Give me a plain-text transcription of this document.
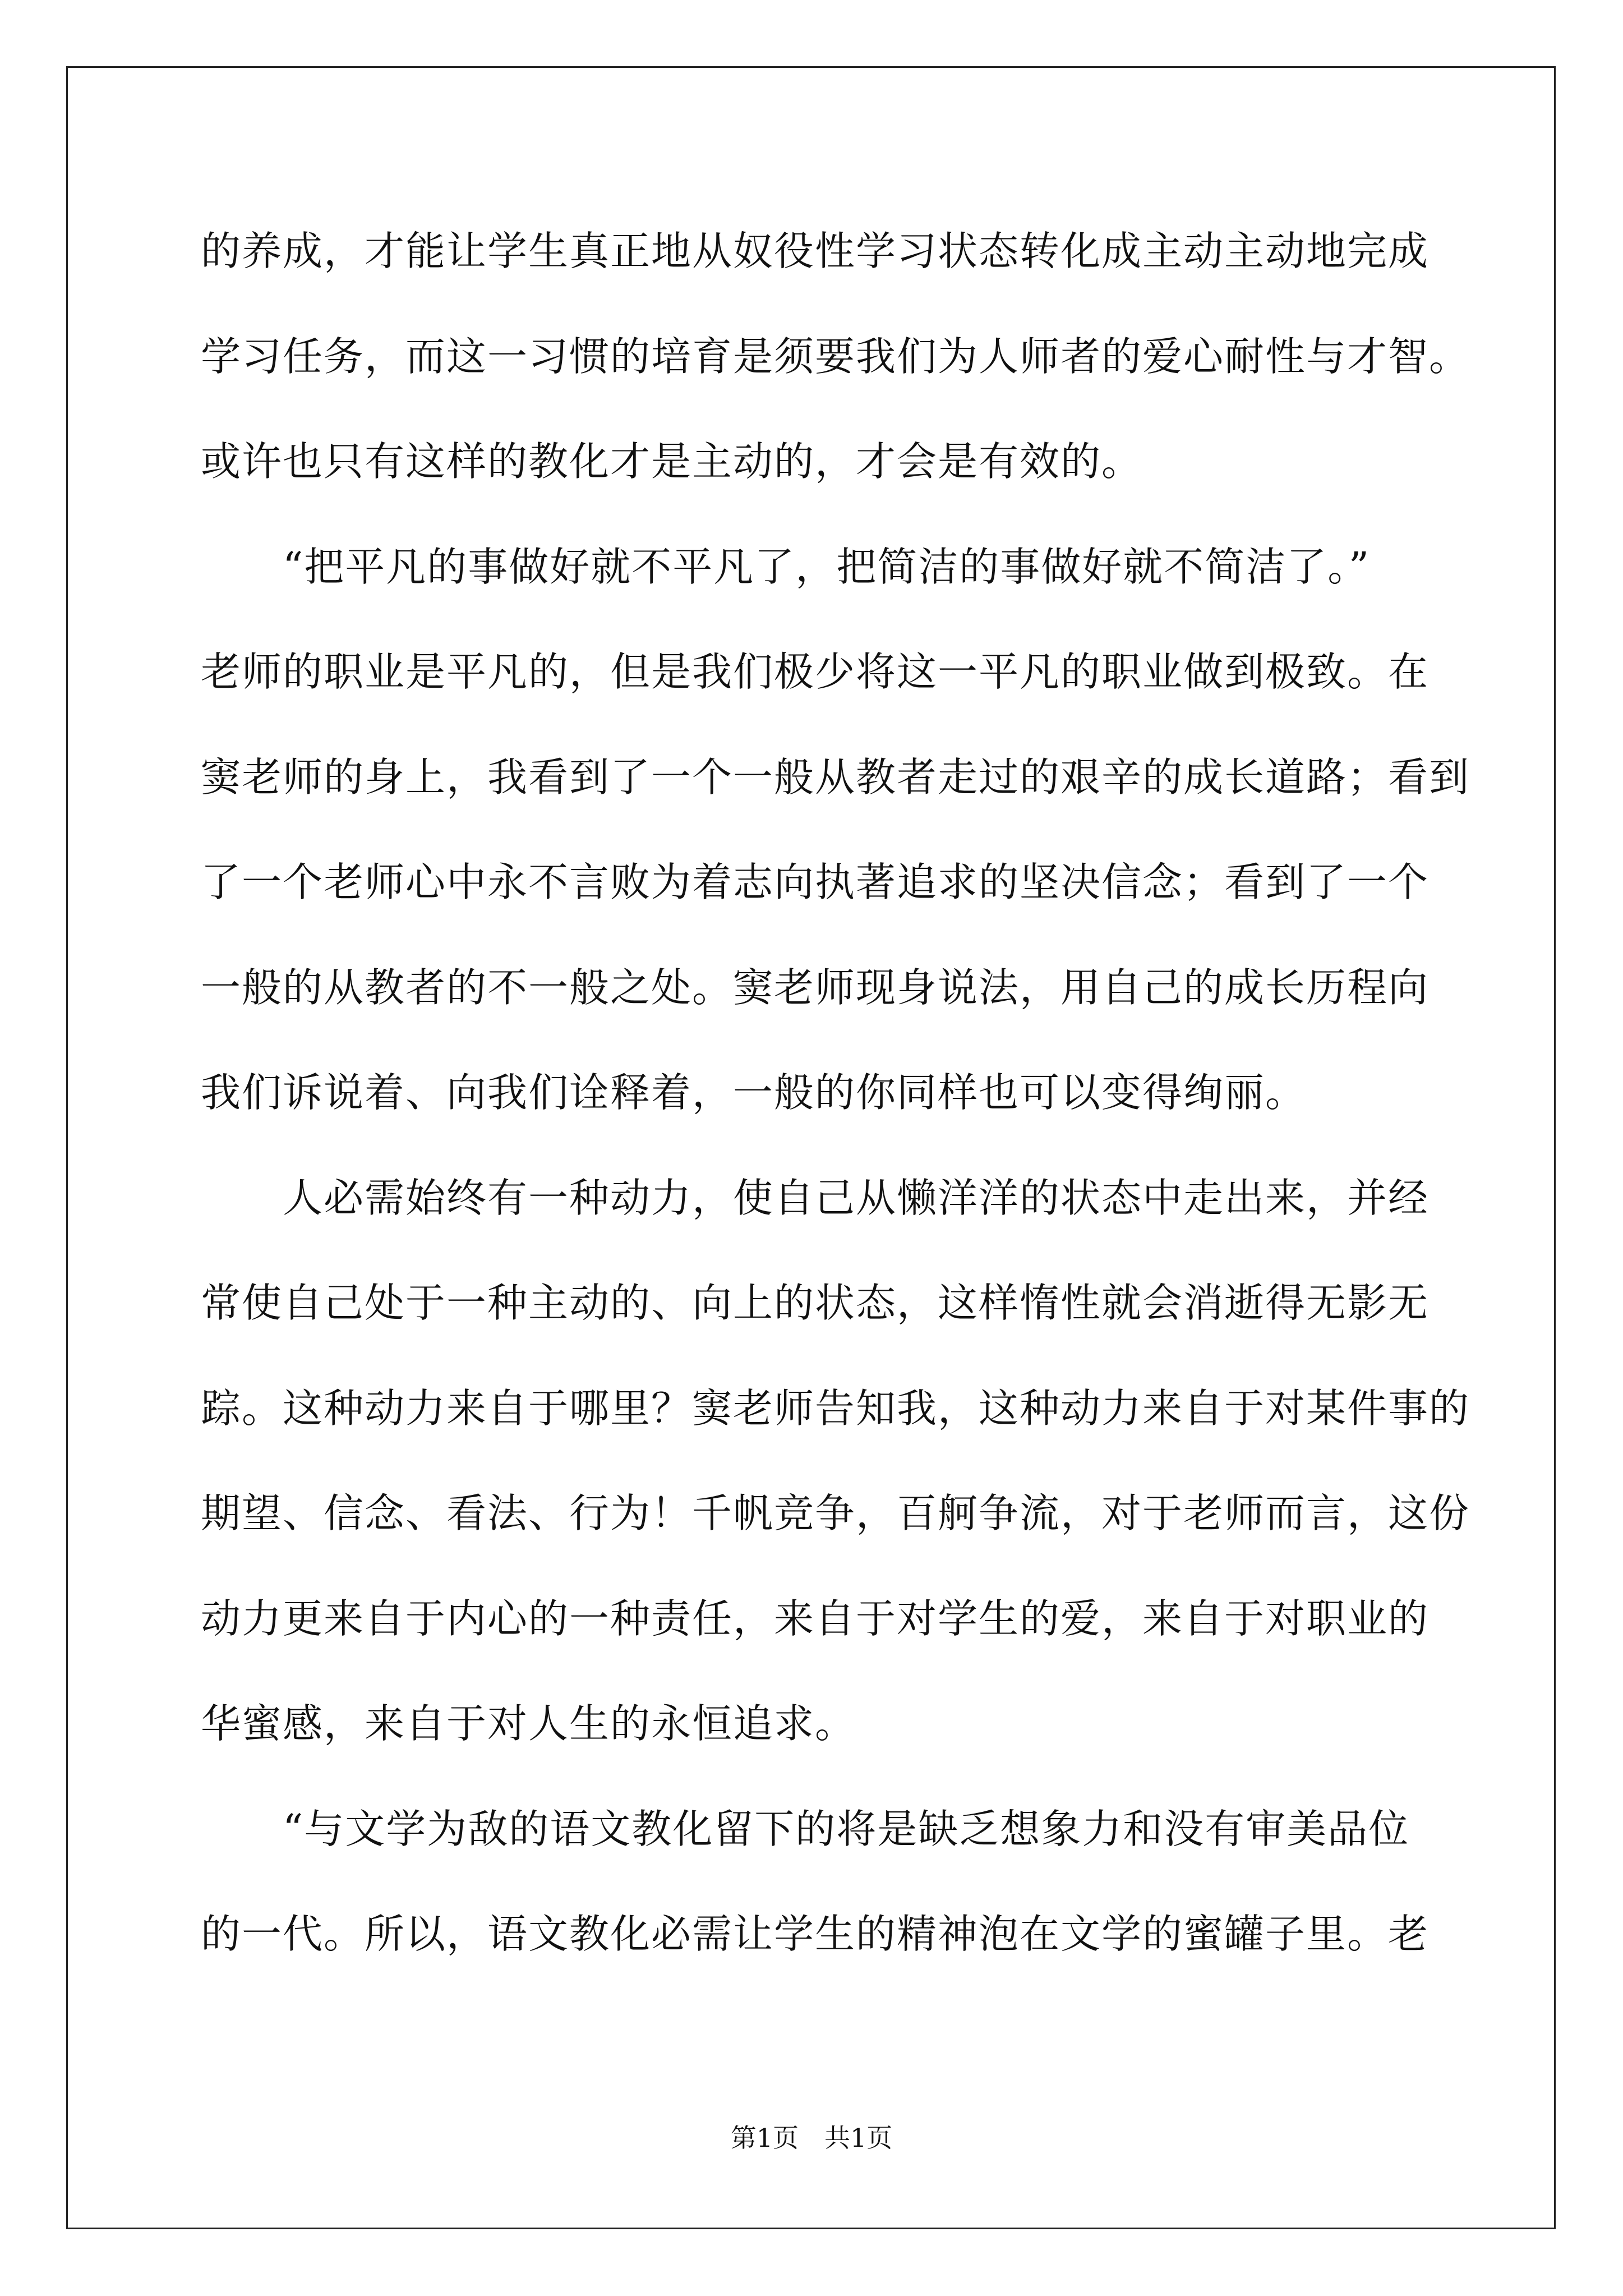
的养成，才能让学生真正地从奴役性学习状态转化成主动主动地完成
学习任务，而这一习惯的培育是须要我们为人师者的爱心耐性与才智。
或许也只有这样的教化才是主动的，才会是有效的。
　　“把平凡的事做好就不平凡了，把简洁的事做好就不简洁了。”
老师的职业是平凡的，但是我们极少将这一平凡的职业做到极致。在
窦老师的身上，我看到了一个一般从教者走过的艰辛的成长道路；看到
了一个老师心中永不言败为着志向执著追求的坚决信念；看到了一个
一般的从教者的不一般之处。窦老师现身说法，用自己的成长历程向
我们诉说着、向我们诠释着，一般的你同样也可以变得绚丽。
　　人必需始终有一种动力，使自己从懒洋洋的状态中走出来，并经
常使自己处于一种主动的、向上的状态，这样惰性就会消逝得无影无
踪。这种动力来自于哪里？窦老师告知我，这种动力来自于对某件事的
期望、信念、看法、行为！千帆竞争，百舸争流，对于老师而言，这份
动力更来自于内心的一种责任，来自于对学生的爱，来自于对职业的
华蜜感，来自于对人生的永恒追求。
　　“与文学为敌的语文教化留下的将是缺乏想象力和没有审美品位
的一代。所以，语文教化必需让学生的精神泡在文学的蜜罐子里。老
第1页　共1页
